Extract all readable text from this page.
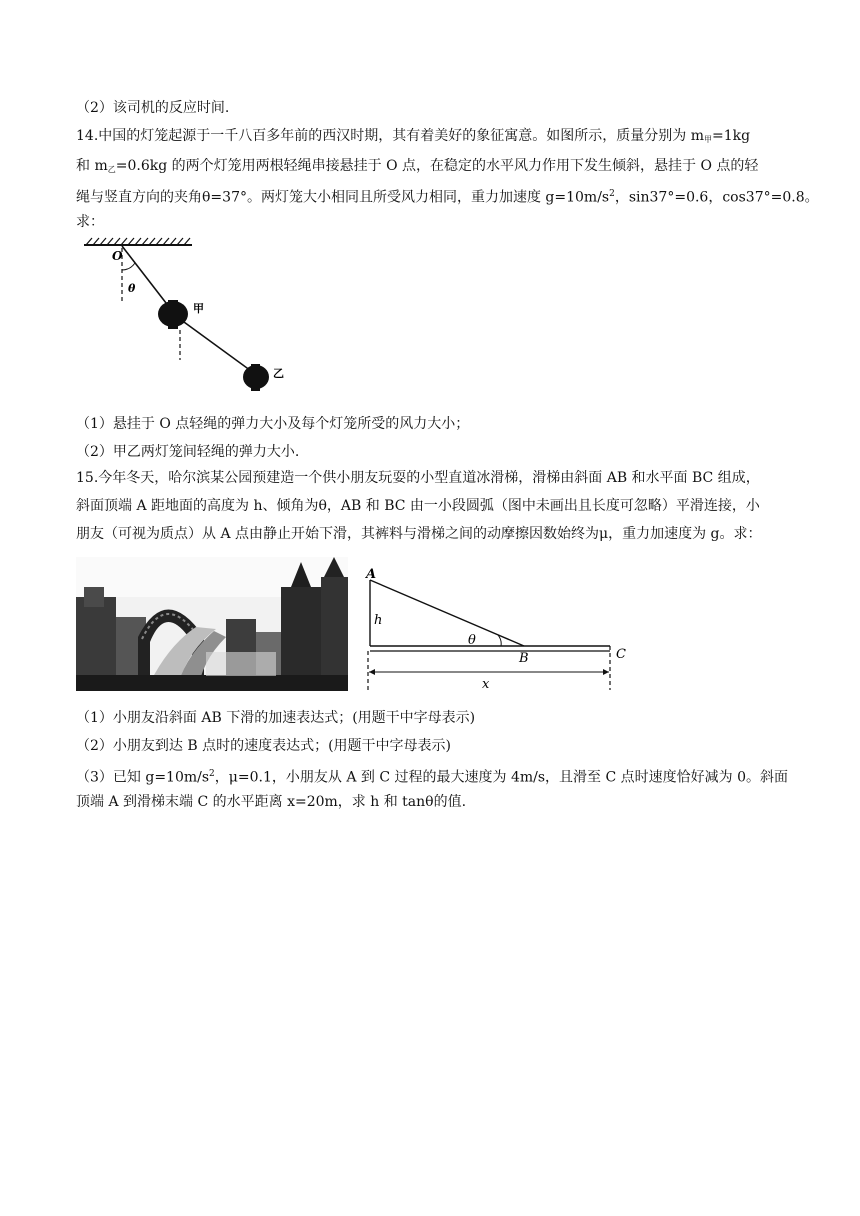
（2）该司机的反应时间.
14.中国的灯笼起源于一千八百多年前的西汉时期，其有着美好的象征寓意。如图所示，质量分别为 $m_甲=1kg$
和 $m_乙=0.6kg$ 的两个灯笼用两根轻绳串接悬挂于 O 点，在稳定的水平风力作用下发生倾斜，悬挂于 O 点的轻
绳与竖直方向的夹角θ=37°。两灯笼大小相同且所受风力相同，重力加速度 $g=10m/s^2$，sin37°=0.6，cos37°=0.8。
求：
O
θ
甲
乙
（1）悬挂于 O 点轻绳的弹力大小及每个灯笼所受的风力大小；
（2）甲乙两灯笼间轻绳的弹力大小.
15.今年冬天，哈尔滨某公园预建造一个供小朋友玩耍的小型直道冰滑梯，滑梯由斜面 AB 和水平面 BC 组成，
斜面顶端 A 距地面的高度为 h、倾角为θ，AB 和 BC 由一小段圆弧（图中未画出且长度可忽略）平滑连接，小
朋友（可视为质点）从 A 点由静止开始下滑，其裤料与滑梯之间的动摩擦因数始终为μ，重力加速度为 g。求：
A
h
θ
B	C
x
（1）小朋友沿斜面 AB 下滑的加速表达式；(用题干中字母表示)
（2）小朋友到达 B 点时的速度表达式；(用题干中字母表示)
（3）已知 $g=10m/s^2$，μ=0.1，小朋友从 A 到 C 过程的最大速度为 4m/s，且滑至 C 点时速度恰好减为 0。斜面
顶端 A 到滑梯末端 C 的水平距离 x=20m，求 h 和 tanθ的值.
